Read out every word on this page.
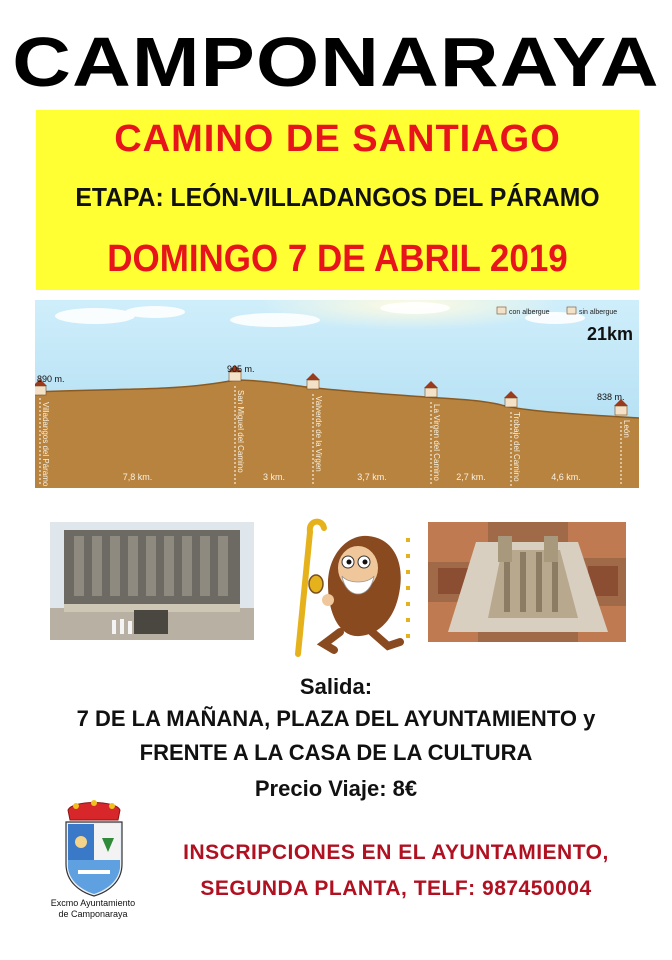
CAMPONARAYA
CAMINO DE SANTIAGO
ETAPA: LEÓN-VILLADANGOS DEL PÁRAMO
DOMINGO 7 DE ABRIL 2019
con albergue	sin albergue
21km
890 m.
905 m.
838 m.
Villadangos del Páramo	San Miguel del Camino	Valverde de la Virgen	La Virgen del Camino	Trobajo del Camino	León
7,8 km.	3 km.	3,7 km.	2,7 km.	4,6 km.
Salida:
7 DE LA MAÑANA, PLAZA DEL AYUNTAMIENTO y
FRENTE A LA CASA DE LA CULTURA
Precio Viaje: 8€
Excmo Ayuntamiento
de Camponaraya
INSCRIPCIONES EN EL AYUNTAMIENTO,
SEGUNDA PLANTA, TELF: 987450004
